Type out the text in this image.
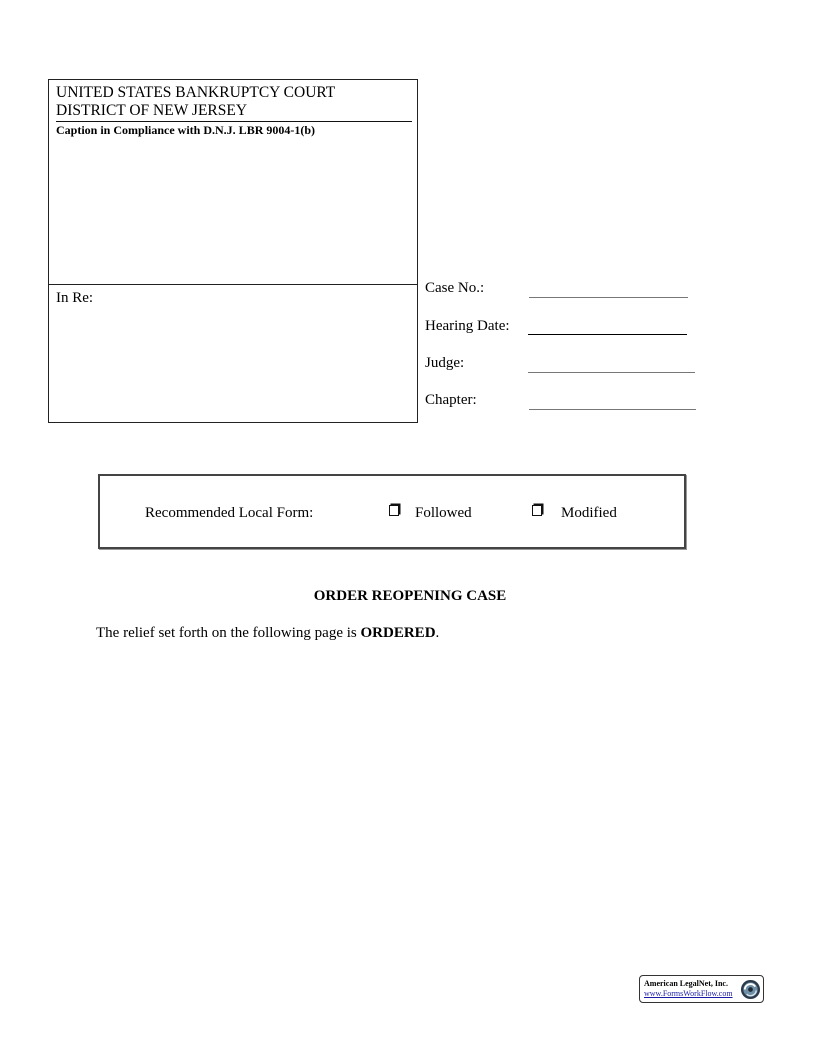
UNITED STATES BANKRUPTCY COURT
DISTRICT OF NEW JERSEY
Caption in Compliance with D.N.J. LBR 9004-1(b)
In Re:
Case No.:
Hearing Date:
Judge:
Chapter:
Recommended Local Form:	Followed	Modified
ORDER REOPENING CASE
The relief set forth on the following page is ORDERED.
American LegalNet, Inc.
www.FormsWorkFlow.com
